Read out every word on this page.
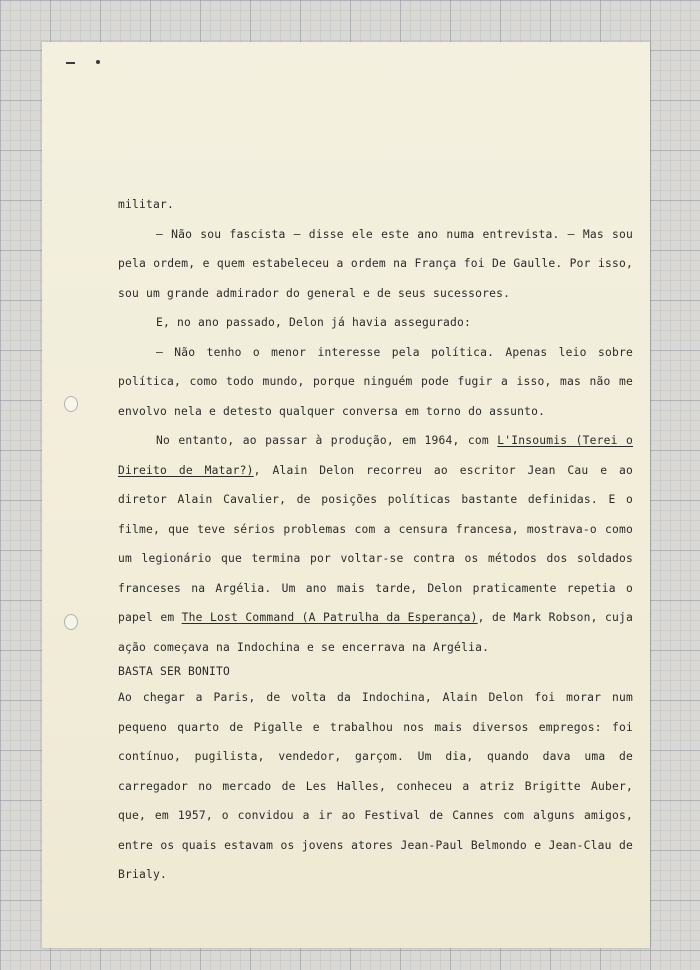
militar.

— Não sou fascista — disse ele este ano numa entrevista. — Mas sou pela ordem, e quem estabeleceu a ordem na França foi De Gaulle. Por isso, sou um grande admirador do general e de seus sucessores.

E, no ano passado, Delon já havia assegurado:

— Não tenho o menor interesse pela política. Apenas leio sobre política, como todo mundo, porque ninguém pode fugir a isso, mas não me envolvo nela e detesto qualquer conversa em torno do assunto.

No entanto, ao passar à produção, em 1964, com L'Insoumis (Terei o Direito de Matar?), Alain Delon recorreu ao escritor Jean Cau e ao diretor Alain Cavalier, de posições políticas bastante definidas. E o filme, que teve sérios problemas com a censura francesa, mostrava-o como um legionário que termina por voltar-se contra os métodos dos soldados franceses na Argélia. Um ano mais tarde, Delon praticamente repetia o papel em The Lost Command (A Patrulha da Esperança), de Mark Robson, cuja ação começava na Indochina e se encerrava na Argélia.

BASTA SER BONITO

Ao chegar a Paris, de volta da Indochina, Alain Delon foi morar num pequeno quarto de Pigalle e trabalhou nos mais diversos empregos: foi contínuo, pugilista, vendedor, garçom. Um dia, quando dava uma de carregador no mercado de Les Halles, conheceu a atriz Brigitte Auber, que, em 1957, o convidou a ir ao Festival de Cannes com alguns amigos, entre os quais estavam os jovens atores Jean-Paul Belmondo e Jean-Clau de Brialy.
